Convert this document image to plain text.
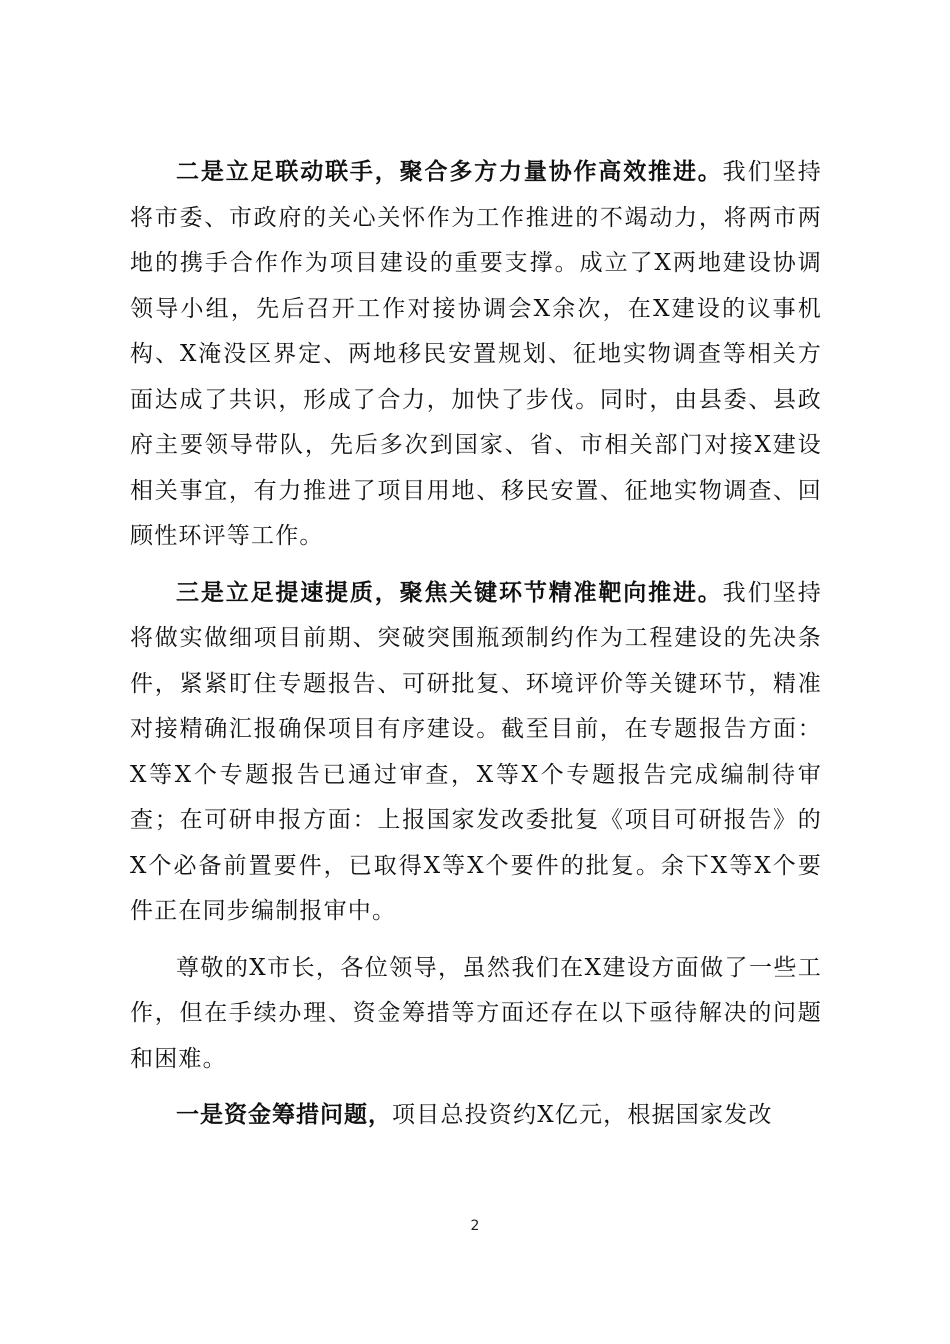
二是立足联动联手，聚合多方力量协作高效推进。我们坚持将市委、市政府的关心关怀作为工作推进的不竭动力，将两市两地的携手合作作为项目建设的重要支撑。成立了X两地建设协调领导小组，先后召开工作对接协调会X余次，在X建设的议事机构、X淹没区界定、两地移民安置规划、征地实物调查等相关方面达成了共识，形成了合力，加快了步伐。同时，由县委、县政府主要领导带队，先后多次到国家、省、市相关部门对接X建设相关事宜，有力推进了项目用地、移民安置、征地实物调查、回顾性环评等工作。

三是立足提速提质，聚焦关键环节精准靶向推进。我们坚持将做实做细项目前期、突破突围瓶颈制约作为工程建设的先决条件，紧紧盯住专题报告、可研批复、环境评价等关键环节，精准对接精确汇报确保项目有序建设。截至目前，在专题报告方面：X等X个专题报告已通过审查，X等X个专题报告完成编制待审查；在可研申报方面：上报国家发改委批复《项目可研报告》的X个必备前置要件，已取得X等X个要件的批复。余下X等X个要件正在同步编制报审中。

尊敬的X市长，各位领导，虽然我们在X建设方面做了一些工作，但在手续办理、资金筹措等方面还存在以下亟待解决的问题和困难。

一是资金筹措问题，项目总投资约X亿元，根据国家发改

2
